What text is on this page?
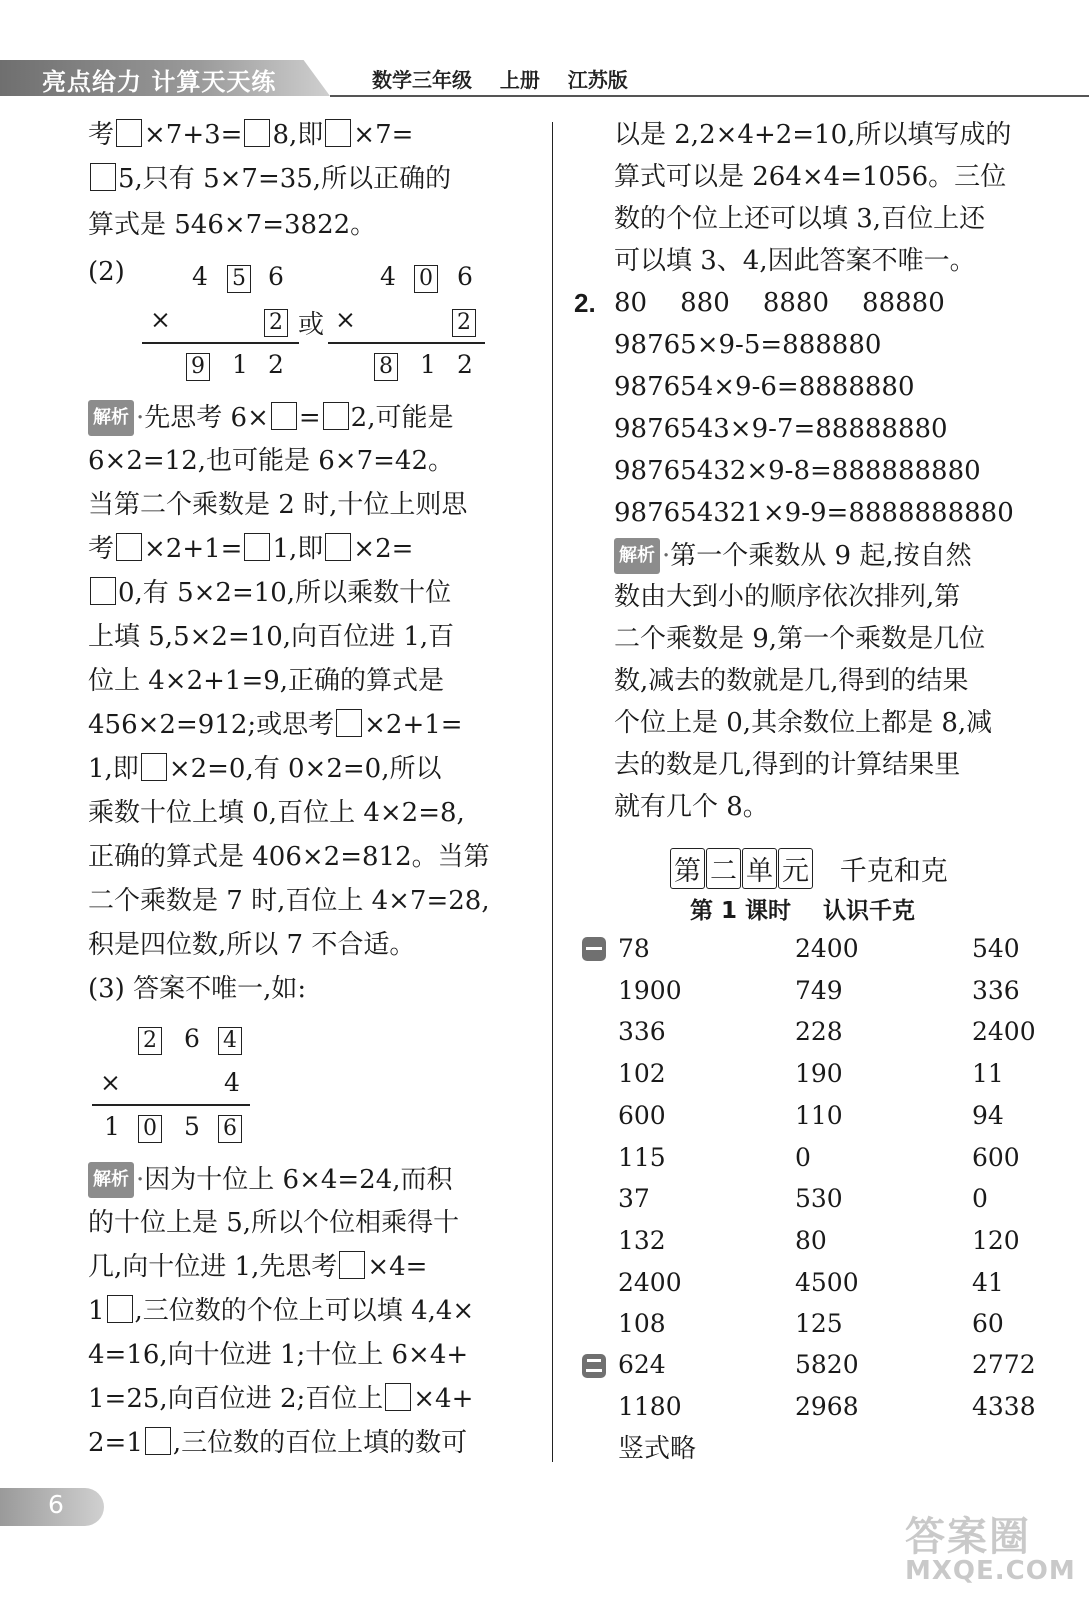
亮点给力 计算天天练	数学三年级    上册    江苏版
考 ×7+3= 8,即 ×7=
5,只有 5×7=35,所以正确的
算式是 546×7=3822。
(2)	4 5 6
×	2 或
9 1 2
4 0 6
×	2
8 1 2
解析 ·先思考 6× = 2,可能是
6×2=12,也可能是 6×7=42。
当第二个乘数是 2 时,十位上则思
考 ×2+1= 1,即 ×2=
0,有 5×2=10,所以乘数十位
上填 5,5×2=10,向百位进 1,百
位上 4×2+1=9,正确的算式是
456×2=912;或思考 ×2+1=
1,即 ×2=0,有 0×2=0,所以
乘数十位上填 0,百位上 4×2=8,
正确的算式是 406×2=812。当第
二个乘数是 7 时,百位上 4×7=28,
积是四位数,所以 7 不合适。
(3) 答案不唯一,如:
2 6 4
×	4
1 0 5 6
解析 ·因为十位上 6×4=24,而积
的十位上是 5,所以个位相乘得十
几,向十位进 1,先思考 ×4=
1 ,三位数的个位上可以填 4,4×
4=16,向十位进 1;十位上 6×4+
1=25,向百位进 2;百位上 ×4+
2=1 ,三位数的百位上填的数可
以是 2,2×4+2=10,所以填写成的
算式可以是 264×4=1056。三位
数的个位上还可以填 3,百位上还
可以填 3、4,因此答案不唯一。
2. 80    880    8880    88880
98765×9-5=888880
987654×9-6=8888880
9876543×9-7=88888880
98765432×9-8=888888880
987654321×9-9=8888888880
解析 ·第一个乘数从 9 起,按自然
数由大到小的顺序依次排列,第
二个乘数是 9,第一个乘数是几位
数,减去的数就是几,得到的结果
个位上是 0,其余数位上都是 8,减
去的数是几,得到的计算结果里
就有几个 8。
第 二 单 元 千克和克
第 1 课时    认识千克
78	2400	540
1900	749	336
336	228	2400
102	190	11
600	110	94
115	0	600
37	530	0
132	80	120
2400	4500	41
108	125	60
624	5820	2772
1180	2968	4338
竖式略
6
答案圈
MXQE.COM
